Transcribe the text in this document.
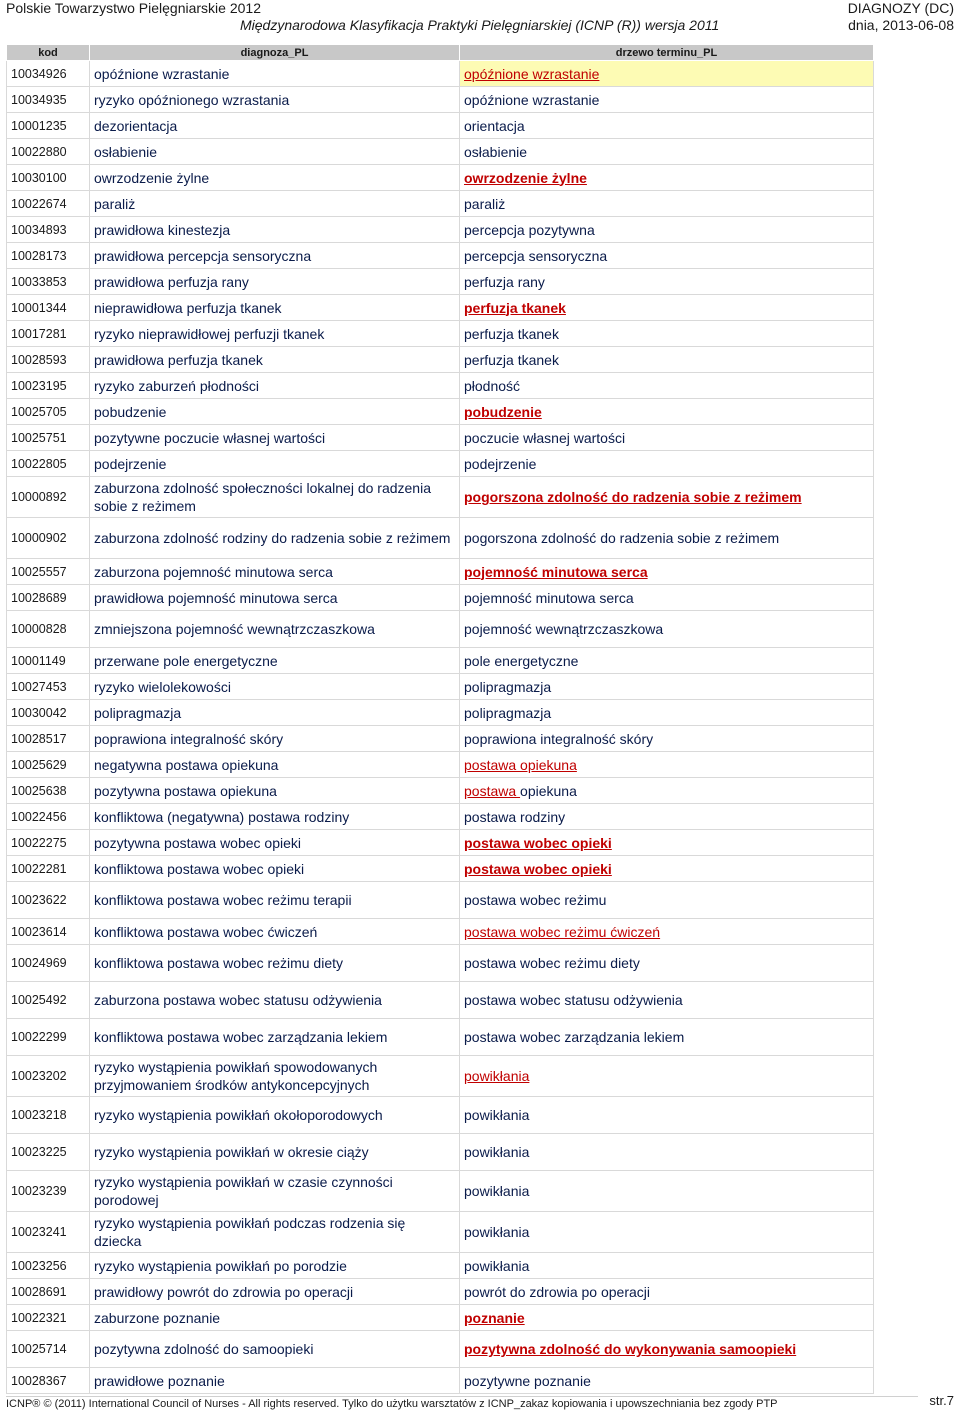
Polskie Towarzystwo Pielęgniarskie 2012
Międzynarodowa Klasyfikacja Praktyki Pielęgniarskiej (ICNP (R)) wersja 2011
DIAGNOZY (DC)
dnia, 2013-06-08
kod	diagnoza_PL	drzewo terminu_PL
10034926	opóźnione wzrastanie	opóźnione wzrastanie
10034935	ryzyko opóźnionego wzrastania	opóźnione wzrastanie
10001235	dezorientacja	orientacja
10022880	osłabienie	osłabienie
10030100	owrzodzenie żylne	owrzodzenie żylne
10022674	paraliż	paraliż
10034893	prawidłowa kinestezja	percepcja pozytywna
10028173	prawidłowa percepcja sensoryczna	percepcja sensoryczna
10033853	prawidłowa perfuzja rany	perfuzja rany
10001344	nieprawidłowa perfuzja tkanek	perfuzja tkanek
10017281	ryzyko nieprawidłowej perfuzji tkanek	perfuzja tkanek
10028593	prawidłowa perfuzja tkanek	perfuzja tkanek
10023195	ryzyko zaburzeń płodności	płodność
10025705	pobudzenie	pobudzenie
10025751	pozytywne poczucie własnej wartości	poczucie własnej wartości
10022805	podejrzenie	podejrzenie
10000892	zaburzona zdolność społeczności lokalnej do radzenia sobie z reżimem	pogorszona zdolność do radzenia sobie z reżimem
10000902	zaburzona zdolność rodziny do radzenia sobie z reżimem	pogorszona zdolność do radzenia sobie z reżimem
10025557	zaburzona pojemność minutowa serca	pojemność minutowa serca
10028689	prawidłowa pojemność minutowa serca	pojemność minutowa serca
10000828	zmniejszona pojemność wewnątrzczaszkowa	pojemność wewnątrzczaszkowa
10001149	przerwane pole energetyczne	pole energetyczne
10027453	ryzyko wielolekowości	polipragmazja
10030042	polipragmazja	polipragmazja
10028517	poprawiona integralność skóry	poprawiona integralność skóry
10025629	negatywna postawa opiekuna	postawa opiekuna
10025638	pozytywna postawa opiekuna	postawa opiekuna
10022456	konfliktowa (negatywna) postawa rodziny	postawa rodziny
10022275	pozytywna postawa wobec opieki	postawa wobec opieki
10022281	konfliktowa postawa wobec opieki	postawa wobec opieki
10023622	konfliktowa postawa wobec reżimu terapii	postawa wobec reżimu
10023614	konfliktowa postawa wobec ćwiczeń	postawa wobec reżimu ćwiczeń
10024969	konfliktowa postawa wobec reżimu diety	postawa wobec reżimu diety
10025492	zaburzona postawa wobec statusu odżywienia	postawa wobec statusu odżywienia
10022299	konfliktowa postawa wobec zarządzania lekiem	postawa wobec zarządzania lekiem
10023202	ryzyko wystąpienia powikłań spowodowanych przyjmowaniem środków antykoncepcyjnych	powikłania
10023218	ryzyko wystąpienia powikłań okołoporodowych	powikłania
10023225	ryzyko wystąpienia powikłań w okresie ciąży	powikłania
10023239	ryzyko wystąpienia powikłań w czasie czynności porodowej	powikłania
10023241	ryzyko wystąpienia powikłań podczas rodzenia się dziecka	powikłania
10023256	ryzyko wystąpienia powikłań po porodzie	powikłania
10028691	prawidłowy powrót do zdrowia po operacji	powrót do zdrowia po operacji
10022321	zaburzone poznanie	poznanie
10025714	pozytywna zdolność do samoopieki	pozytywna zdolność do wykonywania samoopieki
10028367	prawidłowe poznanie	pozytywne poznanie
ICNP® © (2011) International Council of Nurses - All rights reserved. Tylko do użytku warsztatów z ICNP_zakaz kopiowania i upowszechniania bez zgody PTP	str.7
